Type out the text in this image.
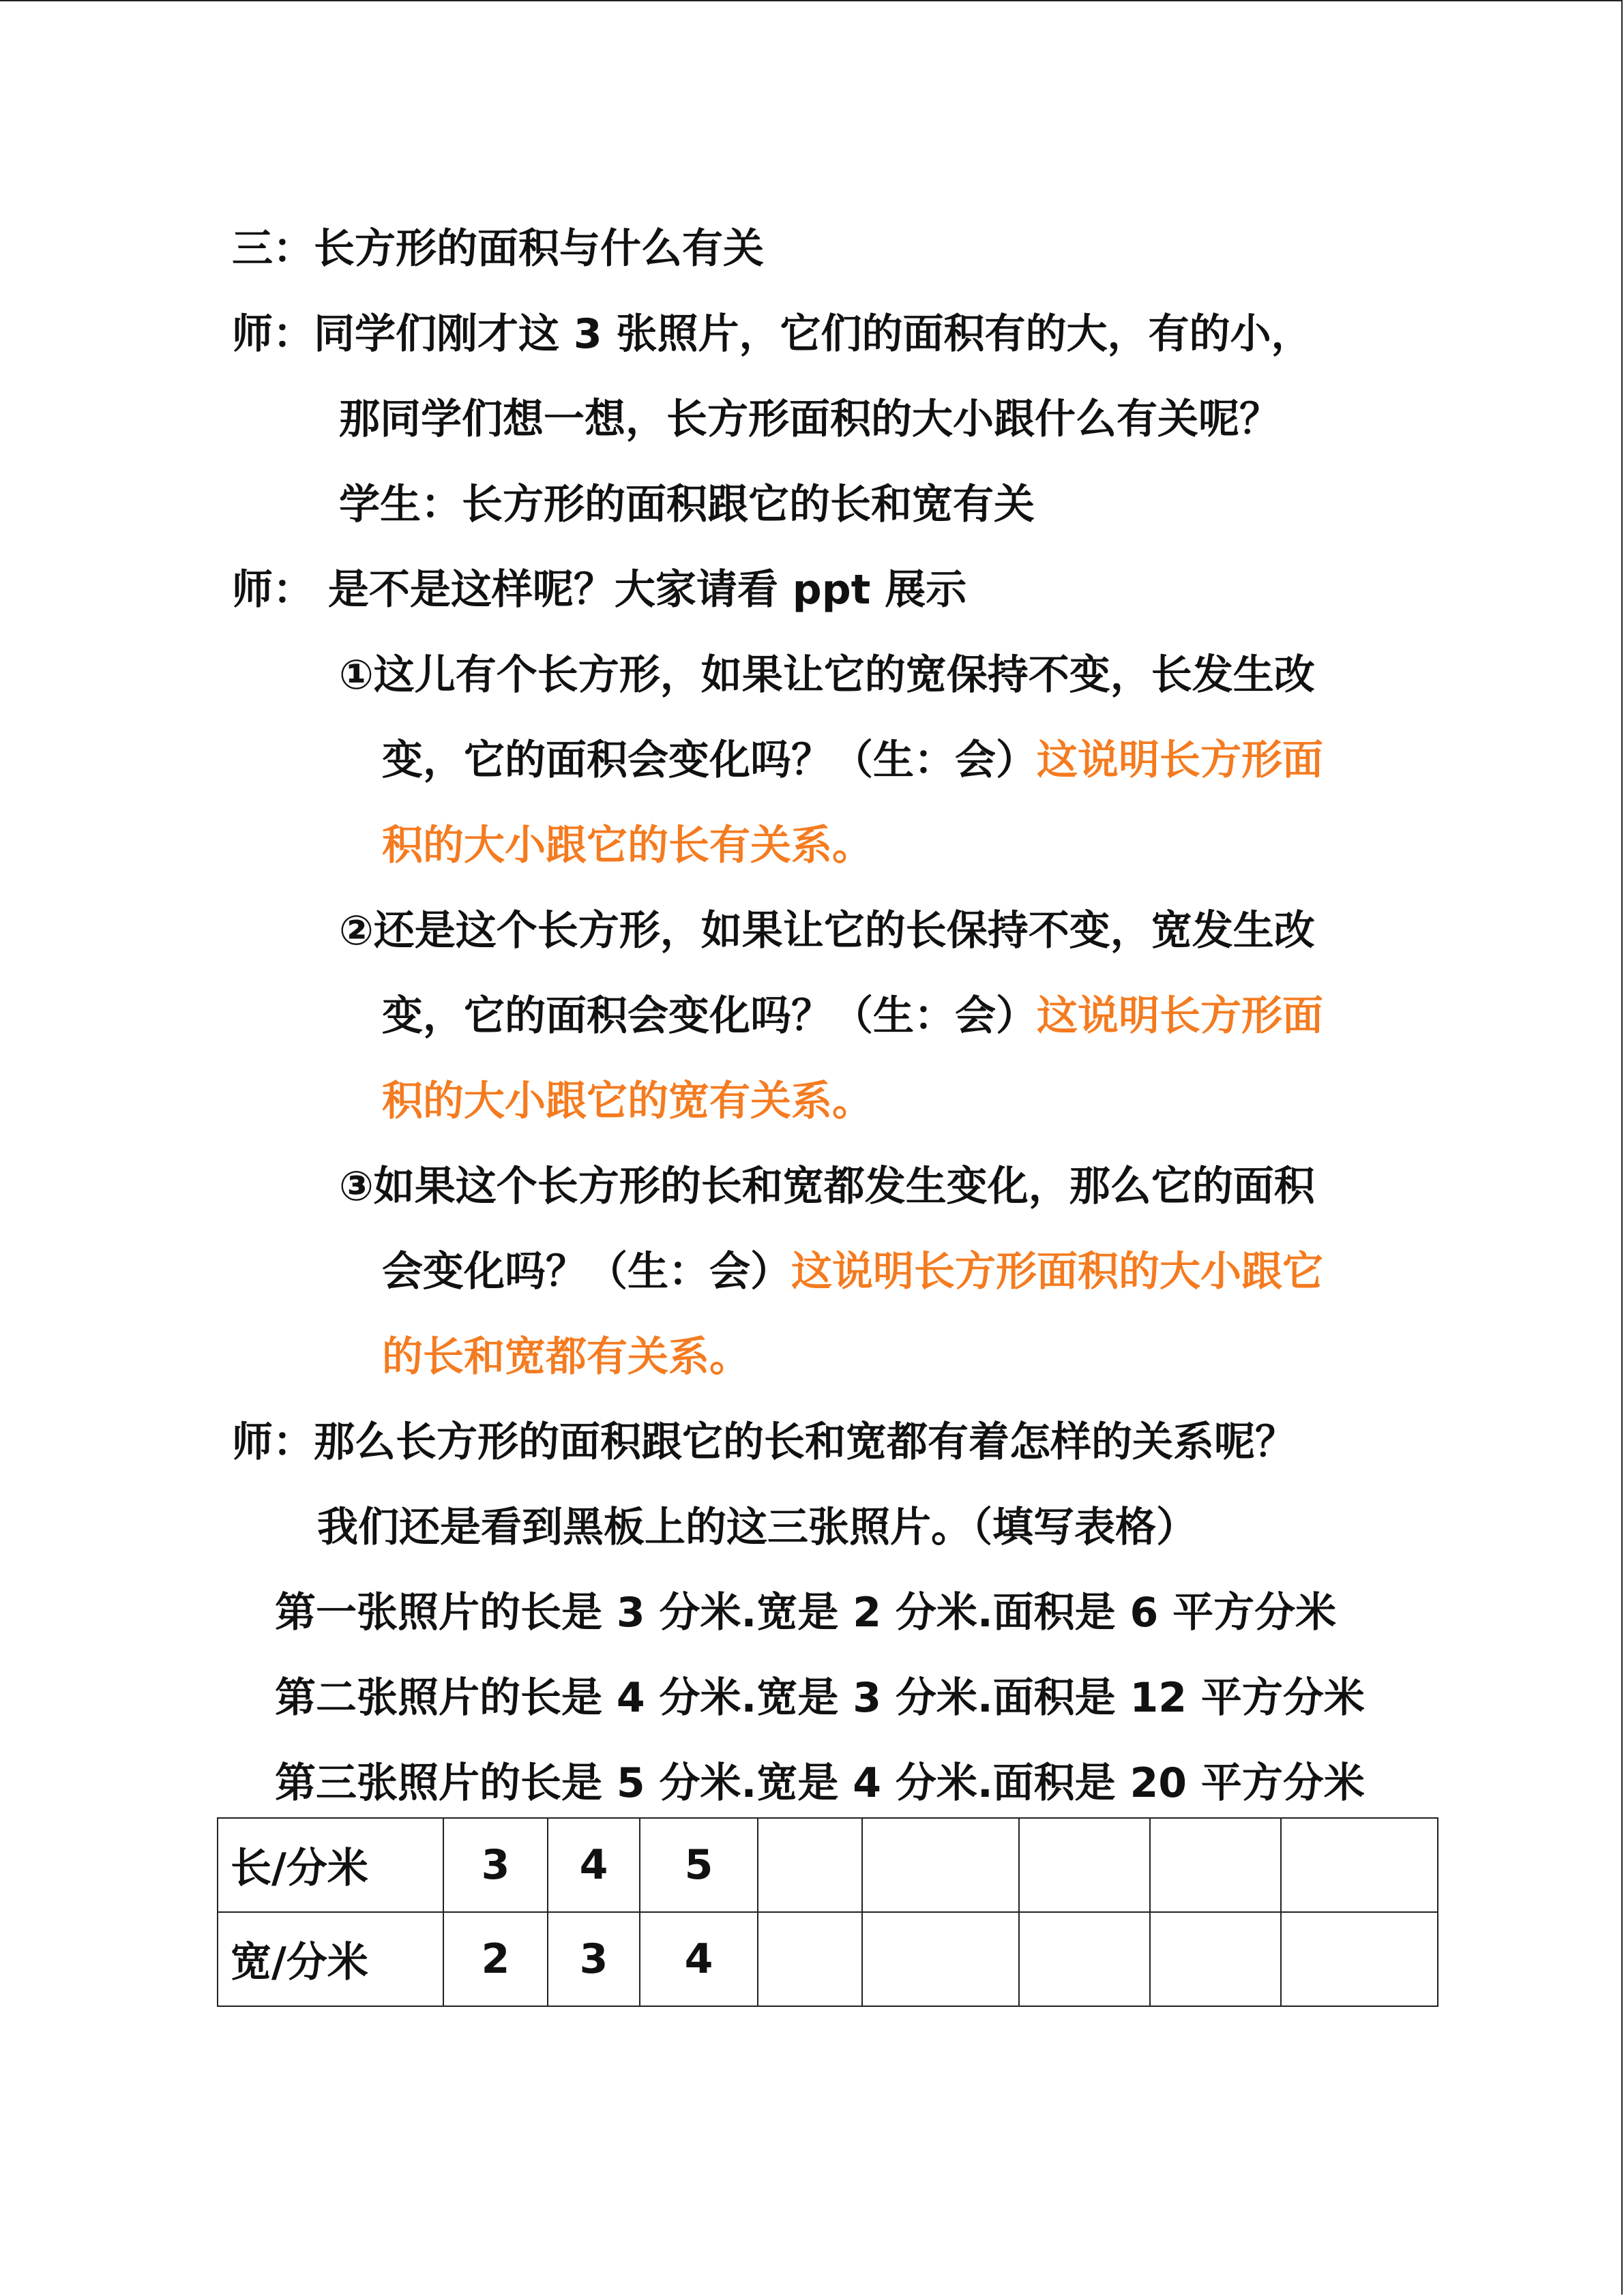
三：长方形的面积与什么有关
师：同学们刚才这 3 张照片，它们的面积有的大，有的小，
那同学们想一想，长方形面积的大小跟什么有关呢？
学生：长方形的面积跟它的长和宽有关
师： 是不是这样呢？大家请看 ppt 展示
①这儿有个长方形，如果让它的宽保持不变，长发生改
变，它的面积会变化吗？（生：会）这说明长方形面
积的大小跟它的长有关系。
②还是这个长方形，如果让它的长保持不变，宽发生改
变，它的面积会变化吗？（生：会）这说明长方形面
积的大小跟它的宽有关系。
③如果这个长方形的长和宽都发生变化，那么它的面积
会变化吗？（生：会）这说明长方形面积的大小跟它
的长和宽都有关系。
师：那么长方形的面积跟它的长和宽都有着怎样的关系呢？
我们还是看到黑板上的这三张照片。（填写表格）
第一张照片的长是 3 分米.宽是 2 分米.面积是 6 平方分米
第二张照片的长是 4 分米.宽是 3 分米.面积是 12 平方分米
第三张照片的长是 5 分米.宽是 4 分米.面积是 20 平方分米
长/分米	3	4	5					
宽/分米	2	3	4					
